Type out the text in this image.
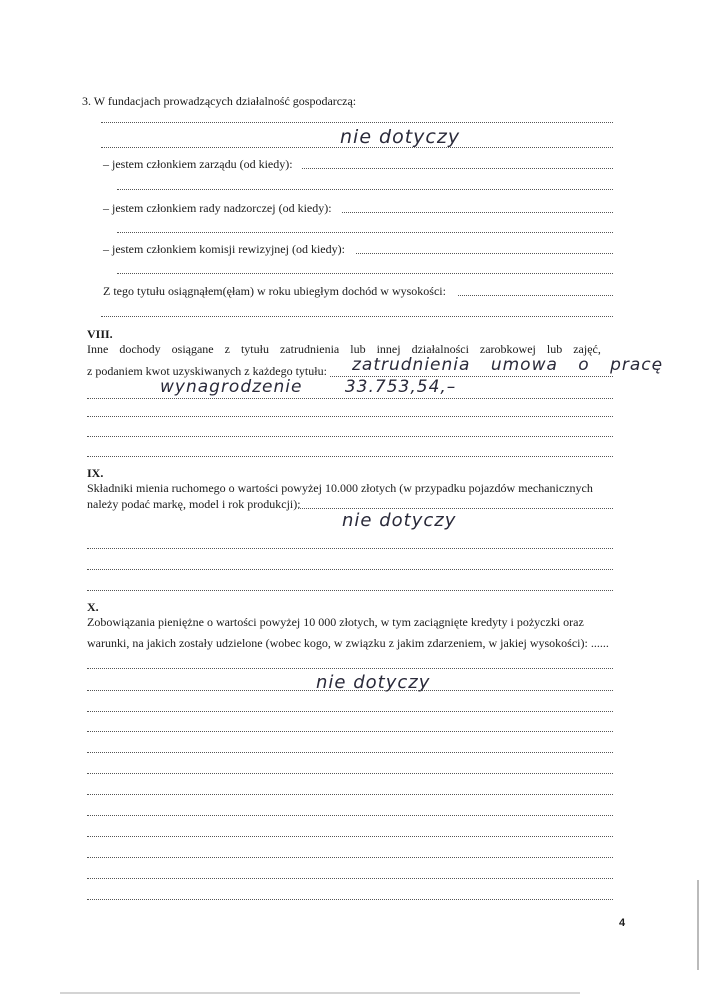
3. W fundacjach prowadzących działalność gospodarczą:
nie dotyczy
– jestem członkiem zarządu (od kiedy):
– jestem członkiem rady nadzorczej (od kiedy):
– jestem członkiem komisji rewizyjnej (od kiedy):
Z tego tytułu osiągnąłem(ęłam) w roku ubiegłym dochód w wysokości:
VIII.
Inne dochody osiągane z tytułu zatrudnienia lub innej działalności zarobkowej lub zajęć,
z podaniem kwot uzyskiwanych z każdego tytułu: zatrudnienia umowa o pracę
wynagrodzenie 33.753,54,–
IX.
Składniki mienia ruchomego o wartości powyżej 10.000 złotych (w przypadku pojazdów mechanicznych
należy podać markę, model i rok produkcji):
nie dotyczy
X.
Zobowiązania pieniężne o wartości powyżej 10 000 złotych, w tym zaciągnięte kredyty i pożyczki oraz
warunki, na jakich zostały udzielone (wobec kogo, w związku z jakim zdarzeniem, w jakiej wysokości): ......
nie dotyczy
4
